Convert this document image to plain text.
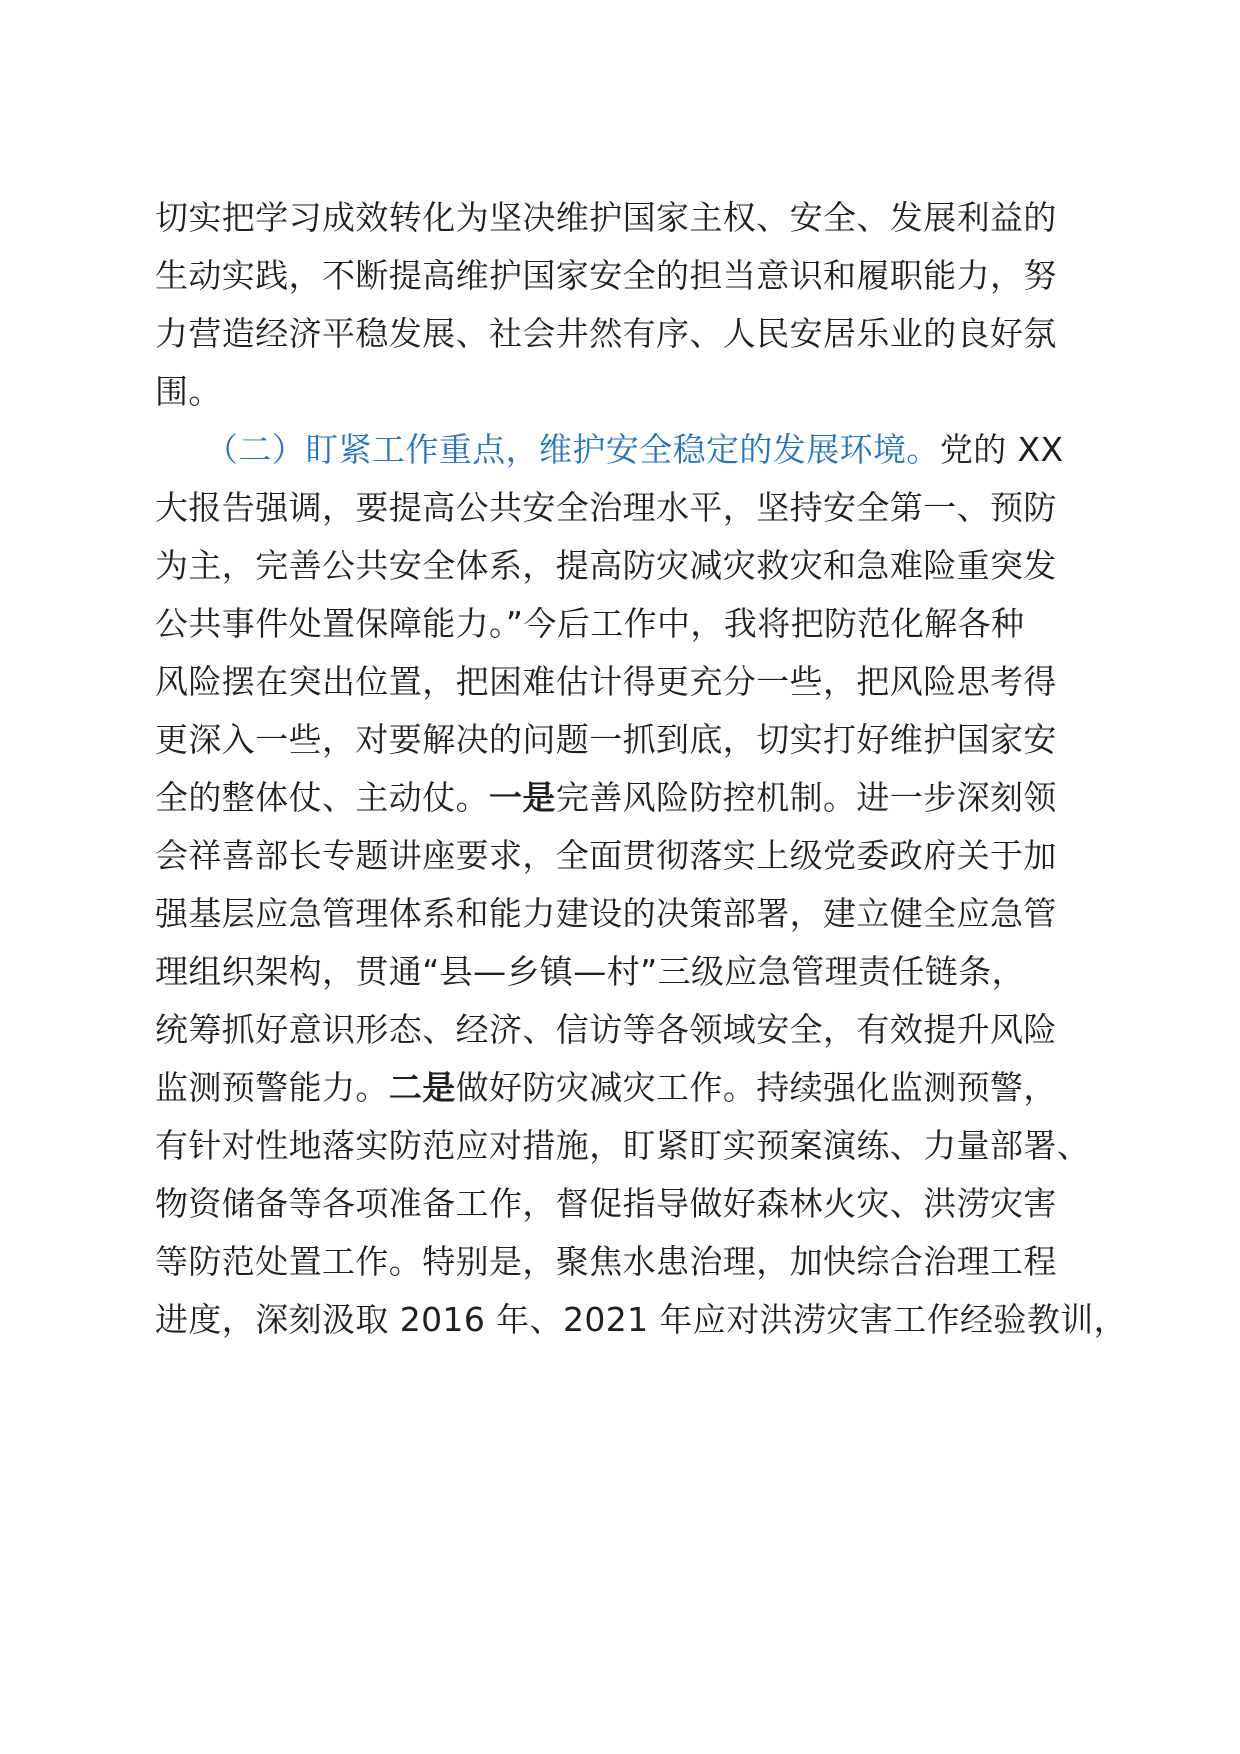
切实把学习成效转化为坚决维护国家主权、安全、发展利益的
生动实践，不断提高维护国家安全的担当意识和履职能力，努
力营造经济平稳发展、社会井然有序、人民安居乐业的良好氛
围。
（二）盯紧工作重点，维护安全稳定的发展环境。党的 XX
大报告强调，要提高公共安全治理水平，坚持安全第一、预防
为主，完善公共安全体系，提高防灾减灾救灾和急难险重突发
公共事件处置保障能力。”今后工作中，我将把防范化解各种
风险摆在突出位置，把困难估计得更充分一些，把风险思考得
更深入一些，对要解决的问题一抓到底，切实打好维护国家安
全的整体仗、主动仗。一是完善风险防控机制。进一步深刻领
会祥喜部长专题讲座要求，全面贯彻落实上级党委政府关于加
强基层应急管理体系和能力建设的决策部署，建立健全应急管
理组织架构，贯通“县—乡镇—村”三级应急管理责任链条，
统筹抓好意识形态、经济、信访等各领域安全，有效提升风险
监测预警能力。二是做好防灾减灾工作。持续强化监测预警，
有针对性地落实防范应对措施，盯紧盯实预案演练、力量部署、
物资储备等各项准备工作，督促指导做好森林火灾、洪涝灾害
等防范处置工作。特别是，聚焦水患治理，加快综合治理工程
进度，深刻汲取 2016 年、2021 年应对洪涝灾害工作经验教训，
